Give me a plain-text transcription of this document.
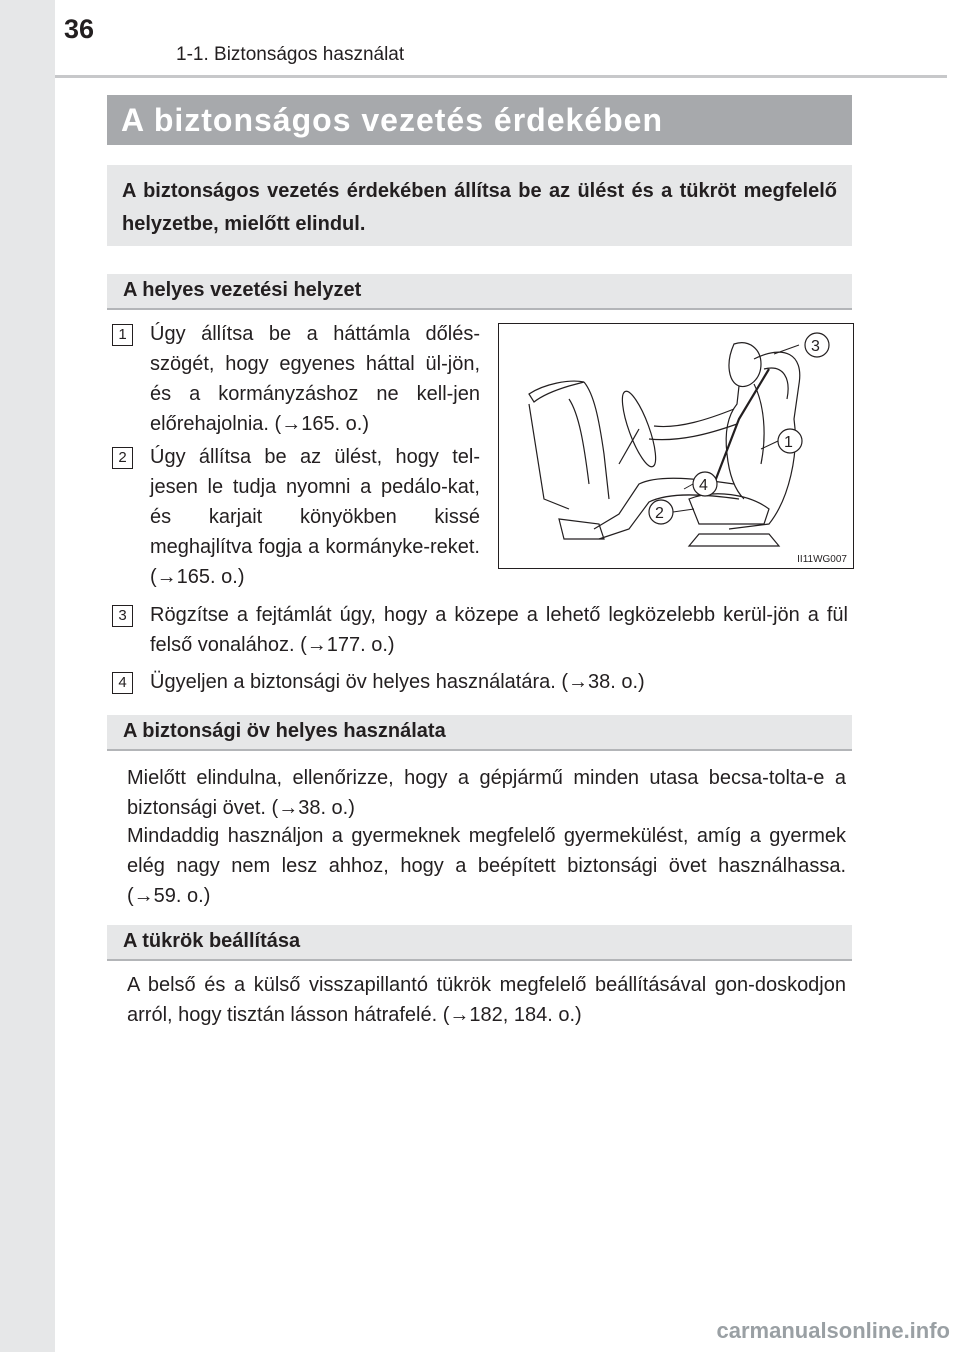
36
1-1. Biztonságos használat
A biztonságos vezetés érdekében
A biztonságos vezetés érdekében állítsa be az ülést és a tükröt megfelelő helyzetbe, mielőtt elindul.
A helyes vezetési helyzet
1	Úgy állítsa be a háttámla dőlés-szögét, hogy egyenes háttal ül-jön, és a kormányzáshoz ne kell-jen előrehajolnia. (→165. o.)
2	Úgy állítsa be az ülést, hogy tel-jesen le tudja nyomni a pedálo-kat, és karjait könyökben kissé meghajlítva fogja a kormányke-reket. (→165. o.)
3	Rögzítse a fejtámlát úgy, hogy a közepe a lehető legközelebb kerül-jön a fül felső vonalához. (→177. o.)
4	Ügyeljen a biztonsági öv helyes használatára. (→38. o.)
3
1
4
2
II11WG007
A biztonsági öv helyes használata
Mielőtt elindulna, ellenőrizze, hogy a gépjármű minden utasa becsa-tolta-e a biztonsági övet. (→38. o.)
Mindaddig használjon a gyermeknek megfelelő gyermekülést, amíg a gyermek elég nagy nem lesz ahhoz, hogy a beépített biztonsági övet használhassa. (→59. o.)
A tükrök beállítása
A belső és a külső visszapillantó tükrök megfelelő beállításával gon-doskodjon arról, hogy tisztán lásson hátrafelé. (→182, 184. o.)
carmanualsonline.info
